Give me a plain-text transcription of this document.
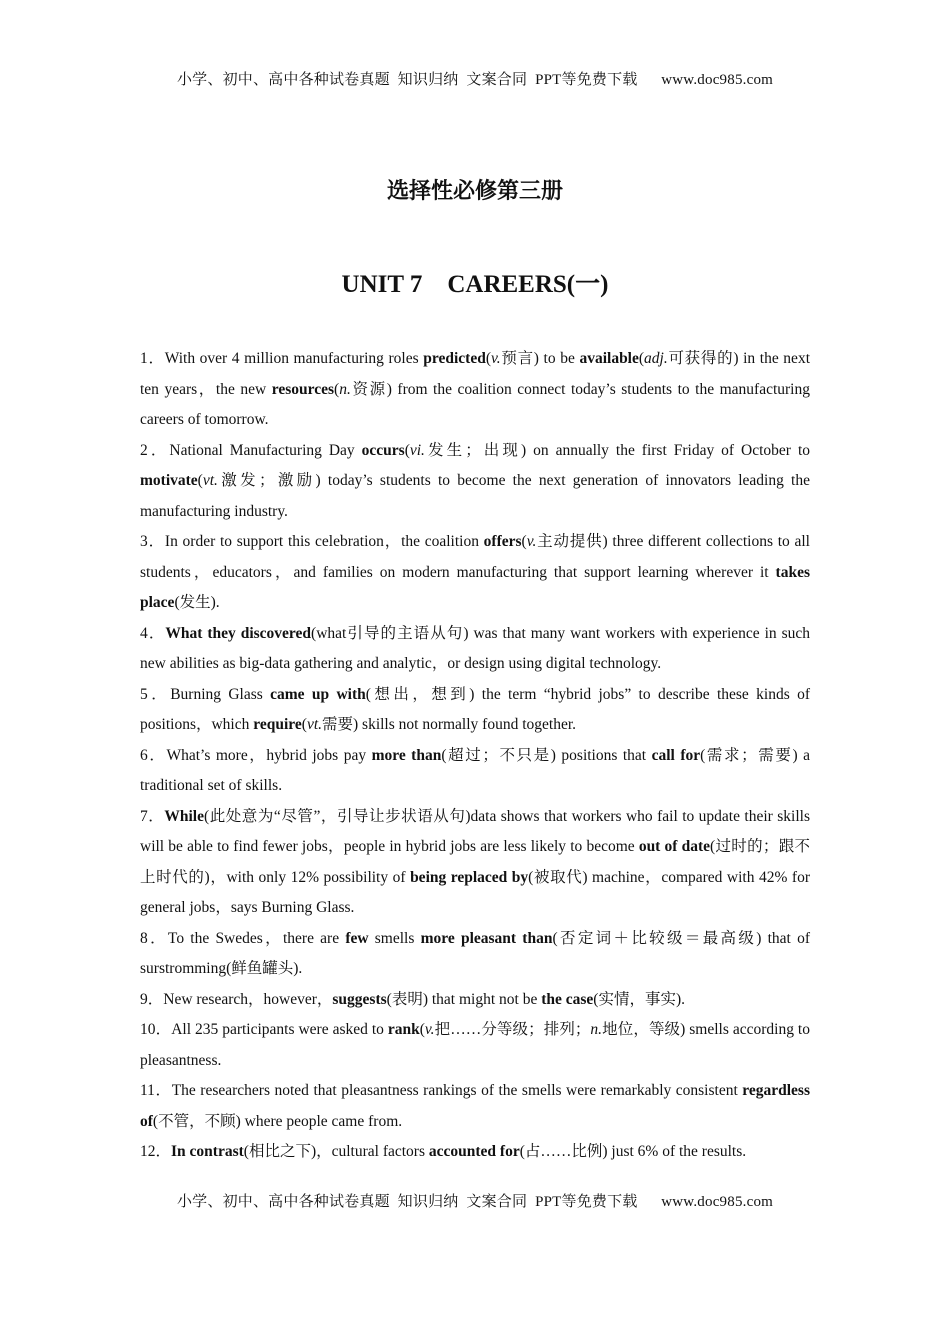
小学、初中、高中各种试卷真题  知识归纳  文案合同  PPT等免费下载      www.doc985.com
选择性必修第三册
UNIT 7    CAREERS(一)

1．With over 4 million manufacturing roles predicted(v.预言) to be available(adj.可获得的) in the next ten years，the new resources(n.资源) from the coalition connect today’s students to the manufacturing careers of tomorrow.

2．National Manufacturing Day occurs(vi.发生；出现) on annually the first Friday of October to motivate(vt.激发；激励) today’s students to become the next generation of innovators leading the manufacturing industry.

3．In order to support this celebration，the coalition offers(v.主动提供) three different collections to all students，educators，and families on modern manufacturing that support learning wherever it takes place(发生).

4．What they discovered(what引导的主语从句) was that many want workers with experience in such new abilities as big-data gathering and analytic，or design using digital technology.

5．Burning Glass came up with(想出，想到) the term “hybrid jobs” to describe these kinds of positions，which require(vt.需要) skills not normally found together.

6．What’s more，hybrid jobs pay more than(超过；不只是) positions that call for(需求；需要) a traditional set of skills.

7．While(此处意为“尽管”，引导让步状语从句)data shows that workers who fail to update their skills will be able to find fewer jobs，people in hybrid jobs are less likely to become out of date(过时的；跟不上时代的)，with only 12% possibility of being replaced by(被取代) machine，compared with 42% for general jobs，says Burning Glass.

8．To the Swedes，there are few smells more pleasant than(否定词＋比较级＝最高级) that of surstromming(鲜鱼罐头).

9．New research，however，suggests(表明) that might not be the case(实情，事实).

10．All 235 participants were asked to rank(v.把……分等级；排列；n.地位，等级) smells according to pleasantness.

11．The researchers noted that pleasantness rankings of the smells were remarkably consistent regardless of(不管，不顾) where people came from.

12．In contrast(相比之下)，cultural factors accounted for(占……比例) just 6% of the results.

小学、初中、高中各种试卷真题  知识归纳  文案合同  PPT等免费下载      www.doc985.com
